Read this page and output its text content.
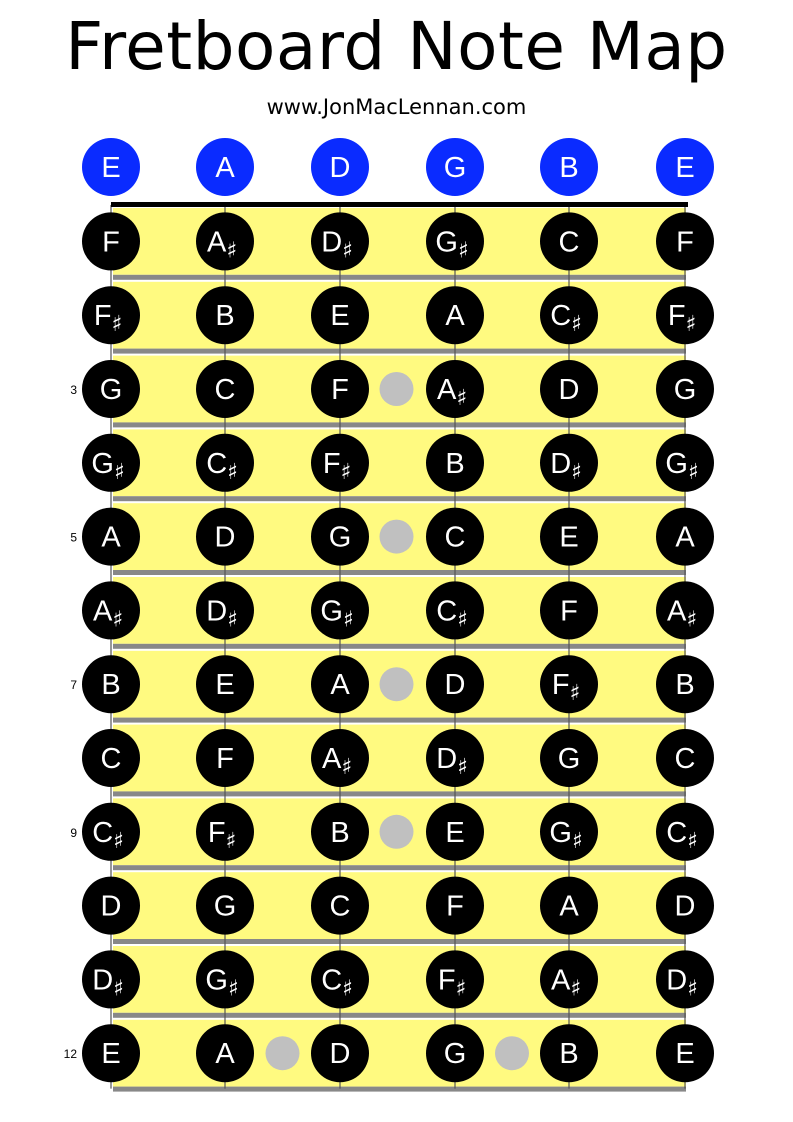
E	A	D	G	B	E
F	$A_♯$	$D_♯$	$G_♯$	C	F
$F_♯$	B	E	A	$C_♯$	$F_♯$
G	C	F	$A_♯$	D	G
3
$G_♯$	$C_♯$	$F_♯$	B	$D_♯$	$G_♯$
A	D	G	C	E	A
5
$A_♯$	$D_♯$	$G_♯$	$C_♯$	F	$A_♯$
B	E	A	D	$F_♯$	B
7
C	F	$A_♯$	$D_♯$	G	C
$C_♯$	$F_♯$	B	E	$G_♯$	$C_♯$
9
D	G	C	F	A	D
$D_♯$	$G_♯$	$C_♯$	$F_♯$	$A_♯$	$D_♯$
E	A	D	G	B	E
12
Fretboard Note Map
www.JonMacLennan.com
